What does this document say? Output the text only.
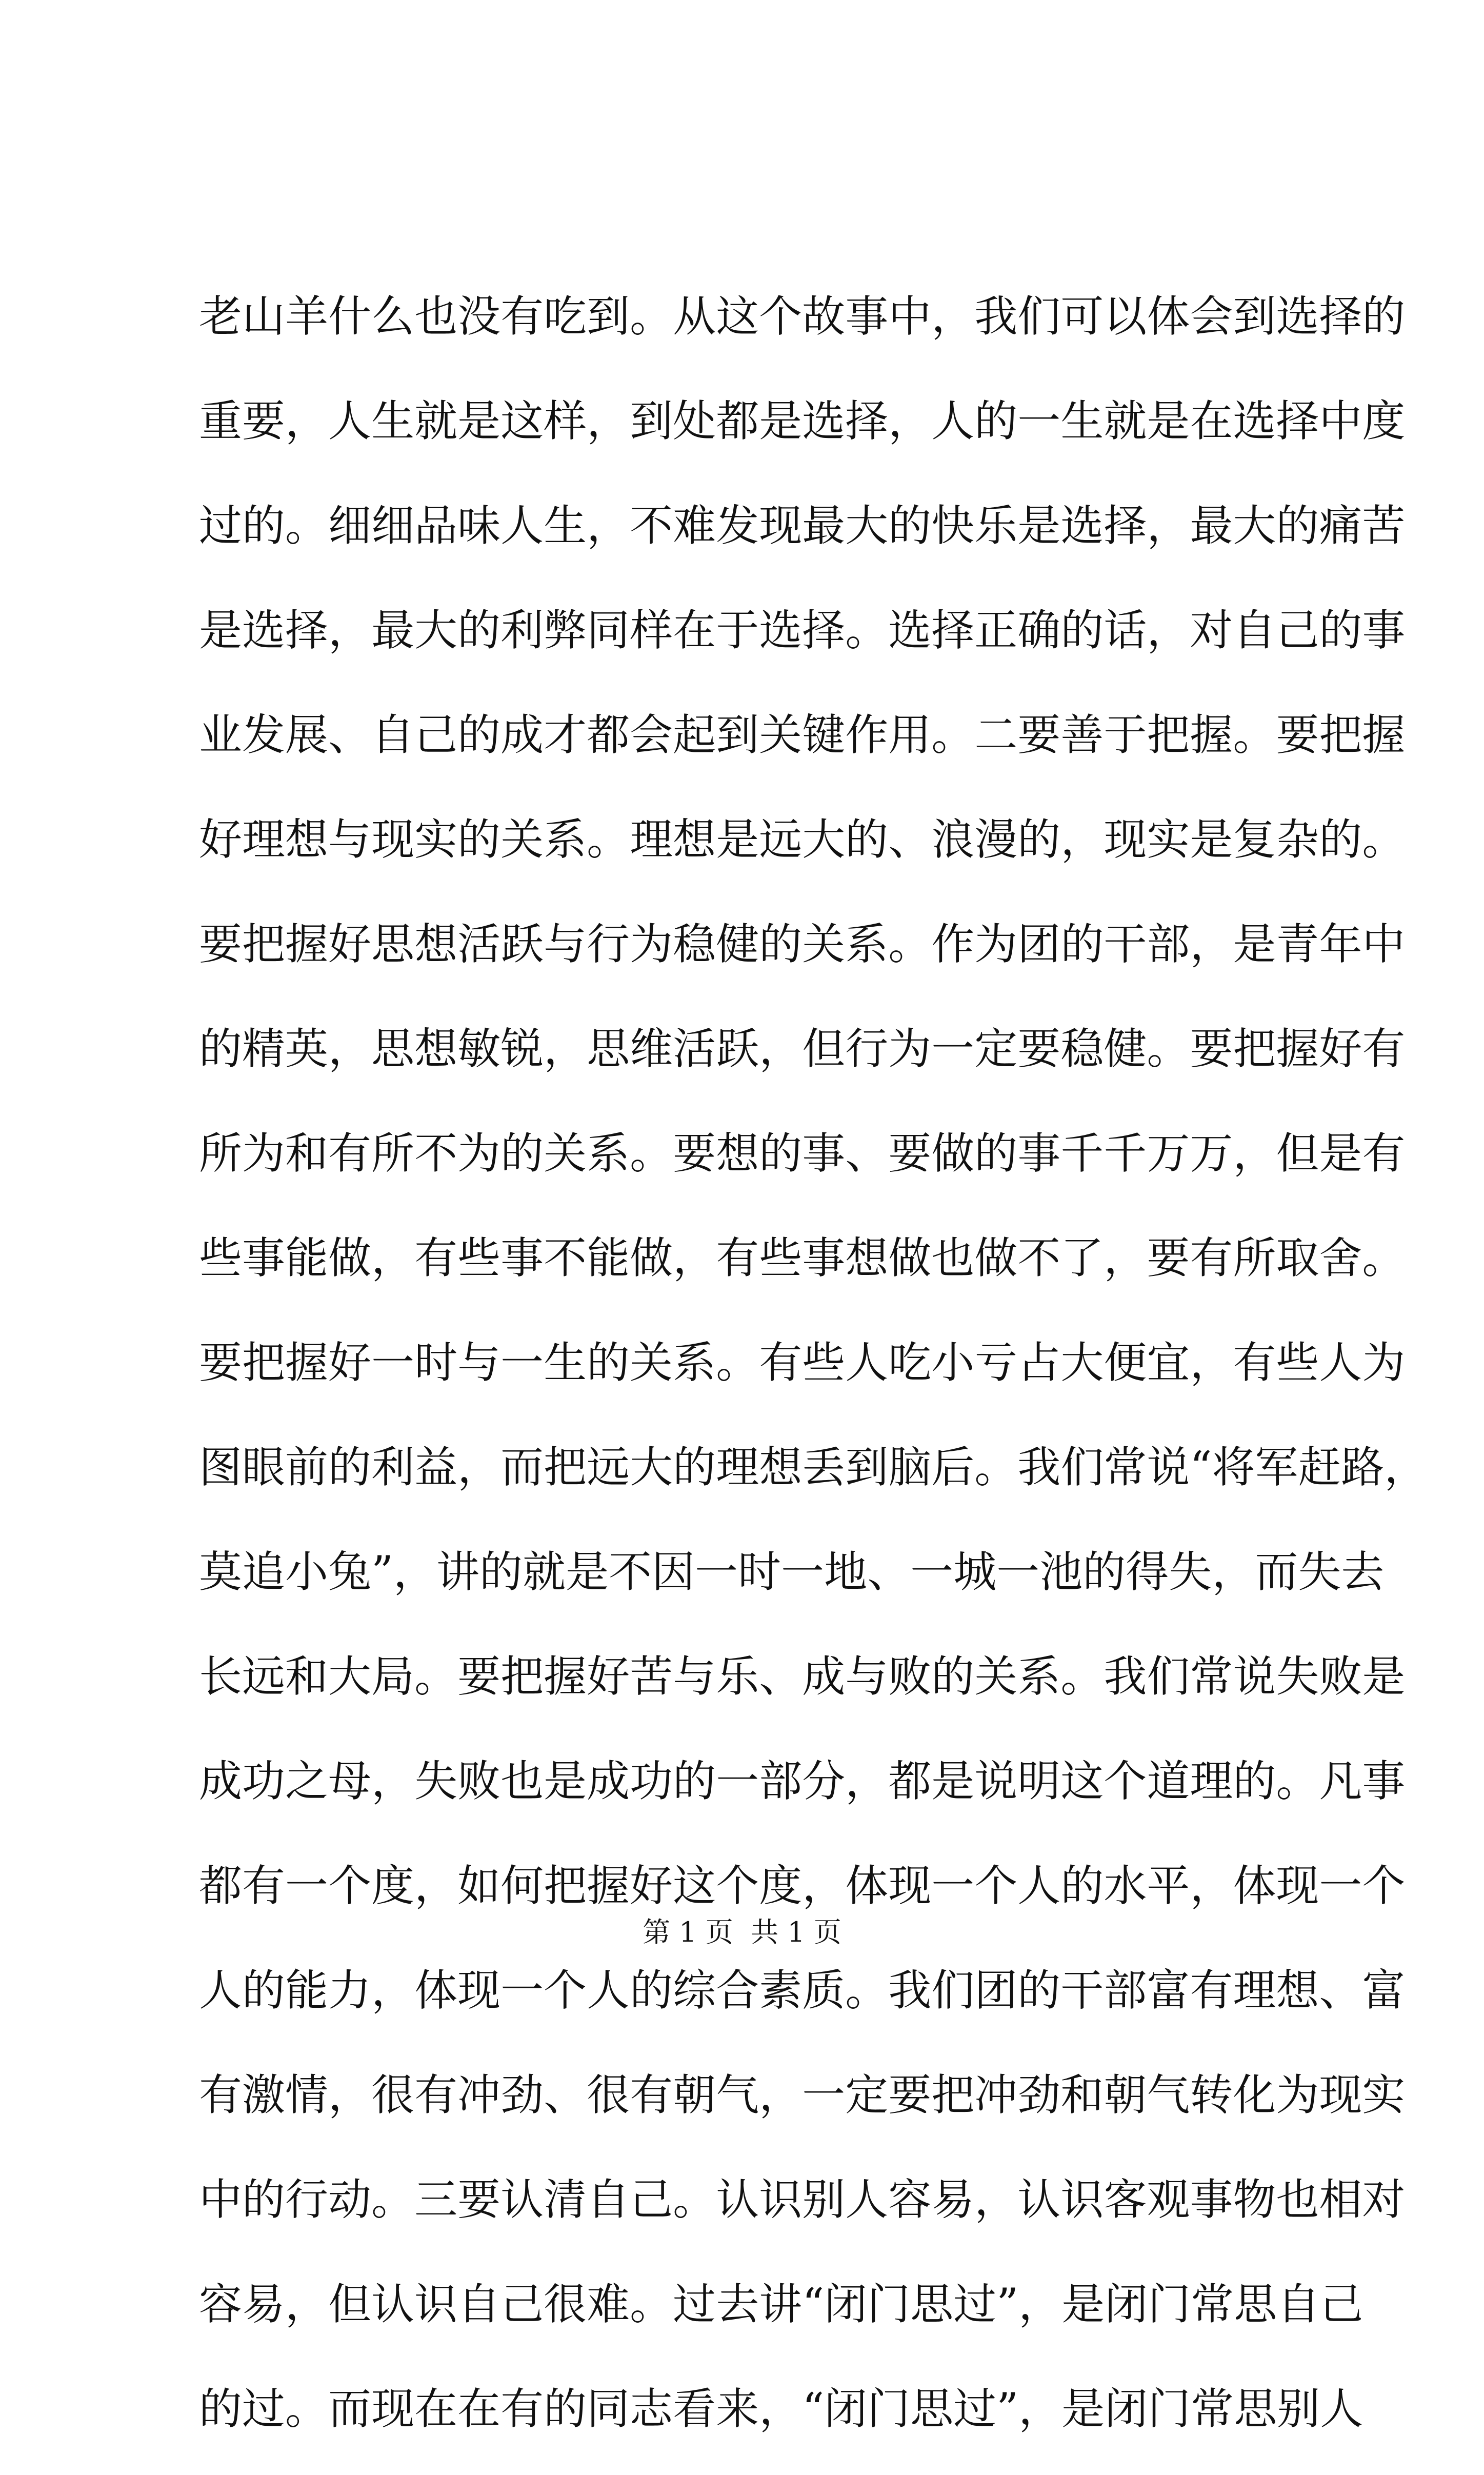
老 山 羊 什 么 也 没 有 吃 到 。 从 这 个 故 事 中 ， 我 们 可 以 体 会 到 选 择 的
重 要 ， 人 生 就 是 这 样 ， 到 处 都 是 选 择 ， 人 的 一 生 就 是 在 选 择 中 度
过 的 。 细 细 品 味 人 生 ， 不 难 发 现 最 大 的 快 乐 是 选 择 ， 最 大 的 痛 苦
是 选 择 ， 最 大 的 利 弊 同 样 在 于 选 择 。 选 择 正 确 的 话 ， 对 自 己 的 事
业 发 展 、 自 己 的 成 才 都 会 起 到 关 键 作 用 。 二 要 善 于 把 握 。 要 把 握
好 理 想 与 现 实 的 关 系 。 理 想 是 远 大 的 、 浪 漫 的 ， 现 实 是 复 杂 的 。
要 把 握 好 思 想 活 跃 与 行 为 稳 健 的 关 系 。 作 为 团 的 干 部 ， 是 青 年 中
的 精 英 ， 思 想 敏 锐 ， 思 维 活 跃 ， 但 行 为 一 定 要 稳 健 。 要 把 握 好 有
所 为 和 有 所 不 为 的 关 系 。 要 想 的 事 、 要 做 的 事 千 千 万 万 ， 但 是 有
些 事 能 做 ， 有 些 事 不 能 做 ， 有 些 事 想 做 也 做 不 了 ， 要 有 所 取 舍 。
要 把 握 好 一 时 与 一 生 的 关 系 。 有 些 人 吃 小 亏 占 大 便 宜 ， 有 些 人 为
图 眼 前 的 利 益 ， 而 把 远 大 的 理 想 丢 到 脑 后 。 我 们 常 说 “ 将 军 赶 路 ，
莫 追 小 兔 ” ， 讲 的 就 是 不 因 一 时 一 地 、 一 城 一 池 的 得 失 ， 而 失 去
长 远 和 大 局 。 要 把 握 好 苦 与 乐 、 成 与 败 的 关 系 。 我 们 常 说 失 败 是
成 功 之 母 ， 失 败 也 是 成 功 的 一 部 分 ， 都 是 说 明 这 个 道 理 的 。 凡 事
都 有 一 个 度 ， 如 何 把 握 好 这 个 度 ， 体 现 一 个 人 的 水 平 ， 体 现 一 个
人 的 能 力 ， 体 现 一 个 人 的 综 合 素 质 。 我 们 团 的 干 部 富 有 理 想 、 富
有 激 情 ， 很 有 冲 劲 、 很 有 朝 气 ， 一 定 要 把 冲 劲 和 朝 气 转 化 为 现 实
中 的 行 动 。 三 要 认 清 自 己 。 认 识 别 人 容 易 ， 认 识 客 观 事 物 也 相 对
容 易 ， 但 认 识 自 己 很 难 。 过 去 讲 “ 闭 门 思 过 ” ， 是 闭 门 常 思 自 己
的 过 。 而 现 在 在 有 的 同 志 看 来 ， “ 闭 门 思 过 ” ， 是 闭 门 常 思 别 人
第 1 页  共 1 页
